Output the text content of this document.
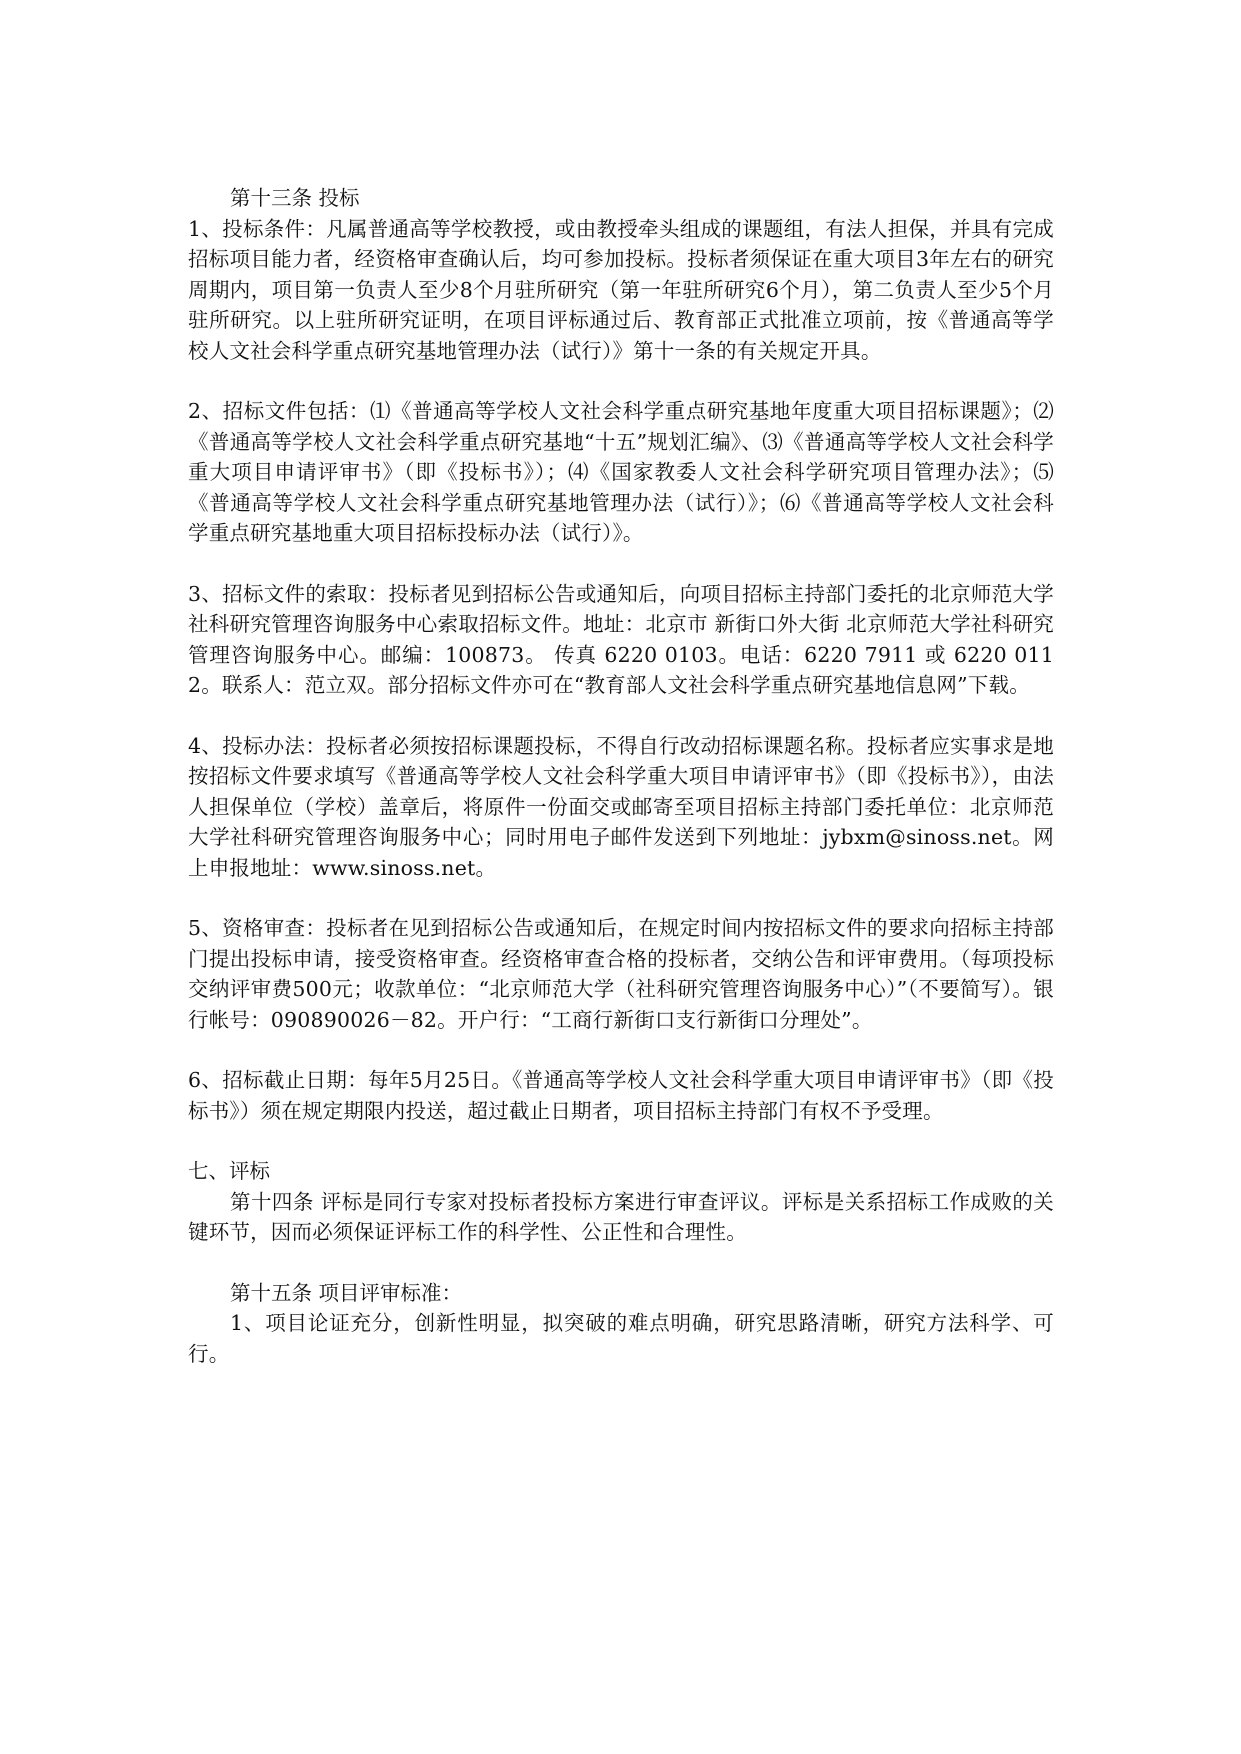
第十三条 投标

1、投标条件：凡属普通高等学校教授，或由教授牵头组成的课题组，有法人担保，并具有完成招标项目能力者，经资格审查确认后，均可参加投标。投标者须保证在重大项目3年左右的研究周期内，项目第一负责人至少8个月驻所研究（第一年驻所研究6个月），第二负责人至少5个月驻所研究。以上驻所研究证明，在项目评标通过后、教育部正式批准立项前，按《普通高等学校人文社会科学重点研究基地管理办法（试行）》第十一条的有关规定开具。

2、招标文件包括：⑴《普通高等学校人文社会科学重点研究基地年度重大项目招标课题》；⑵《普通高等学校人文社会科学重点研究基地“十五”规划汇编》、⑶《普通高等学校人文社会科学重大项目申请评审书》（即《投标书》）；⑷《国家教委人文社会科学研究项目管理办法》；⑸《普通高等学校人文社会科学重点研究基地管理办法（试行）》；⑹《普通高等学校人文社会科学重点研究基地重大项目招标投标办法（试行）》。

3、招标文件的索取：投标者见到招标公告或通知后，向项目招标主持部门委托的北京师范大学社科研究管理咨询服务中心索取招标文件。地址：北京市 新街口外大街 北京师范大学社科研究管理咨询服务中心。邮编：100873。 传真 6220 0103。电话：6220 7911 或 6220 0112。联系人：范立双。部分招标文件亦可在“教育部人文社会科学重点研究基地信息网”下载。

4、投标办法：投标者必须按招标课题投标，不得自行改动招标课题名称。投标者应实事求是地按招标文件要求填写《普通高等学校人文社会科学重大项目申请评审书》（即《投标书》），由法人担保单位（学校）盖章后，将原件一份面交或邮寄至项目招标主持部门委托单位：北京师范大学社科研究管理咨询服务中心；同时用电子邮件发送到下列地址：jybxm@sinoss.net。网上申报地址：www.sinoss.net。

5、资格审查：投标者在见到招标公告或通知后，在规定时间内按招标文件的要求向招标主持部门提出投标申请，接受资格审查。经资格审查合格的投标者，交纳公告和评审费用。（每项投标交纳评审费500元；收款单位：“北京师范大学（社科研究管理咨询服务中心）”（不要简写）。银行帐号：090890026－82。开户行：“工商行新街口支行新街口分理处”。

6、招标截止日期：每年5月25日。《普通高等学校人文社会科学重大项目申请评审书》（即《投标书》）须在规定期限内投送，超过截止日期者，项目招标主持部门有权不予受理。

七、评标

第十四条 评标是同行专家对投标者投标方案进行审查评议。评标是关系招标工作成败的关键环节，因而必须保证评标工作的科学性、公正性和合理性。

第十五条 项目评审标准：

1、项目论证充分，创新性明显，拟突破的难点明确，研究思路清晰，研究方法科学、可行。
